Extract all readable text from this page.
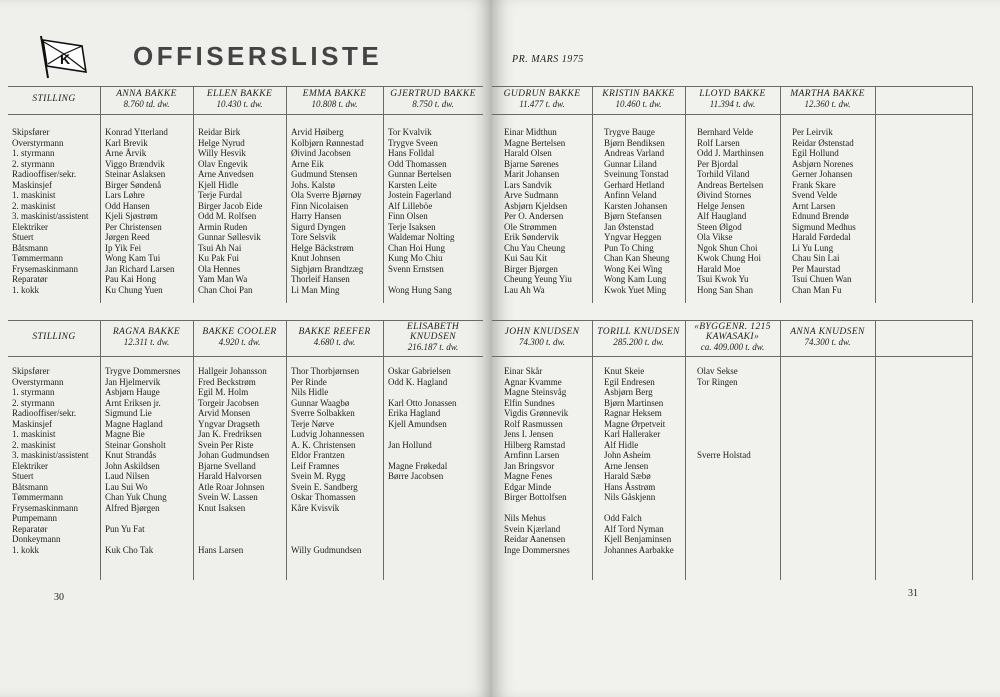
K OFFISERSLISTE
STILLING	ANNA BAKKE
8.760 td. dw.
Konrad Ytterland
Karl Brevik
Arne Årvik
Viggo Brændvik
Steinar Aslaksen
Birger Søndenå
Lars Løhre
Odd Hansen
Kjeli Sjøstrøm
Per Christensen
Jørgen Reed
Ip Yik Fei
Wong Kam Tui
Jan Richard Larsen
Pau Kai Hong
Ku Chung Yuen
ELLEN BAKKE
10.430 t. dw.
Reidar Birk
Helge Nyrud
Willy Hesvik
Olav Engevik
Arne Anvedsen
Kjell Hidle
Terje Furdal
Birger Jacob Eide
Odd M. Rolfsen
Armin Ruden
Gunnar Søllesvik
Tsui Ah Nai
Ku Pak Fui
Ola Hennes
Yam Man Wa
Chan Choi Pan
EMMA BAKKE
10.808 t. dw.
Arvid Høiberg
Kolbjørn Rønnestad
Øivind Jacobsen
Arne Eik
Gudmund Stensen
Johs. Kalstø
Ola Sverre Bjørnøy
Finn Nicolaisen
Harry Hansen
Sigurd Dyngen
Tore Selsvik
Helge Bäckstrøm
Knut Johnsen
Sigbjørn Brandtzæg
Thorleif Hansen
Li Man Ming
GJERTRUD BAKKE
8.750 t. dw.
Tor Kvalvik
Trygve Sveen
Hans Folldal
Odd Thomassen
Gunnar Bertelsen
Karsten Leite
Jostein Fagerland
Alf Lilleböe
Finn Olsen
Terje Isaksen
Waldemar Nolting
Chan Hoi Hung
Kung Mo Chiu
Svenn Ernstsen
Wong Hung Sang
Skipsfører
Overstyrmann
1. styrmann
2. styrmann
Radiooffiser/sekr.
Maskinsjef
1. maskinist
2. maskinist
3. maskinist/assistent
Elektriker
Stuert
Båtsmann
Tømmermann
Frysemaskinmann
Reparatør
1. kokk
STILLING	RAGNA BAKKE
12.311 t. dw.
Trygve Dommersnes
Jan Hjelmervik
Asbjørn Hauge
Arnt Eriksen jr.
Sigmund Lie
Magne Hagland
Magne Bie
Steinar Gonsholt
Knut Strandås
John Askildsen
Laud Nilsen
Lau Sui Wo
Chan Yuk Chung
Alfred Bjørgen
Pun Yu Fat
Kuk Cho Tak
BAKKE COOLER
4.920 t. dw.
Hallgeir Johansson
Fred Beckstrøm
Egil M. Holm
Torgeir Jacobsen
Arvid Monsen
Yngvar Dragseth
Jan K. Fredriksen
Svein Per Riste
Johan Gudmundsen
Bjarne Svelland
Harald Halvorsen
Atle Roar Johnsen
Svein W. Lassen
Knut Isaksen
Hans Larsen
BAKKE REEFER
4.680 t. dw.
Thor Thorbjørnsen
Per Rinde
Nils Hidle
Gunnar Waagbø
Sverre Solbakken
Terje Nørve
Ludvig Johannessen
A. K. Christensen
Eldor Frantzen
Leif Framnes
Svein M. Rygg
Svein E. Sandberg
Oskar Thomassen
Kåre Kvisvik
Willy Gudmundsen
ELISABETH KNUDSEN
216.187 t. dw.
Oskar Gabrielsen
Odd K. Hagland
Karl Otto Jonassen
Erika Hagland
Kjell Amundsen
Jan Hollund
Magne Frøkedal
Børre Jacobsen
Skipsfører
Overstyrmann
1. styrmann
2. styrmann
Radiooffiser/sekr.
Maskinsjef
1. maskinist
2. maskinist
3. maskinist/assistent
Elektriker
Stuert
Båtsmann
Tømmermann
Frysemaskinmann
Pumpemann
Reparatør
Donkeymann
1. kokk
30
PR. MARS 1975
GUDRUN BAKKE
11.477 t. dw.
Einar Midthun
Magne Bertelsen
Harald Olsen
Bjarne Sørenes
Marit Johansen
Lars Sandvik
Arve Sudmann
Asbjørn Kjeldsen
Per O. Andersen
Ole Strømmen
Erik Søndervik
Chu Yau Cheung
Kui Sau Kit
Birger Bjørgen
Cheung Yeung Yiu
Lau Ah Wa
KRISTIN BAKKE
10.460 t. dw.
Trygve Bauge
Bjørn Bendiksen
Andreas Varland
Gunnar Liland
Sveinung Tonstad
Gerhard Hetland
Anfinn Veland
Karsten Johansen
Bjørn Stefansen
Jan Østenstad
Yngvar Heggen
Pun To Ching
Chan Kan Sheung
Wong Kei Wing
Wong Kam Lung
Kwok Yuet Ming
LLOYD BAKKE
11.394 t. dw.
Bernhard Velde
Rolf Larsen
Odd J. Marthinsen
Per Bjordal
Torhild Viland
Andreas Bertelsen
Øivind Stornes
Helge Jensen
Alf Haugland
Steen Ølgod
Ola Vikse
Ngok Shun Choi
Kwok Chung Hoi
Harald Moe
Tsui Kwok Yu
Hong San Shan
MARTHA BAKKE
12.360 t. dw.
Per Leirvik
Reidar Østenstad
Egil Hollund
Asbjørn Norenes
Gerner Johansen
Frank Skare
Svend Velde
Arnt Larsen
Ednund Brendø
Sigmund Medhus
Harald Førdedal
Li Yu Lung
Chau Sin Lai
Per Maurstad
Tsui Chuen Wan
Chan Man Fu
JOHN KNUDSEN
74.300 t. dw.
Einar Skår
Agnar Kvamme
Magne Steinsvåg
Elfin Sundnes
Vigdis Grønnevik
Rolf Rasmussen
Jens I. Jensen
Hilberg Ramstad
Arnfinn Larsen
Jan Bringsvor
Magne Fenes
Edgar Minde
Birger Bottolfsen
Nils Mehus
Svein Kjærland
Reidar Aanensen
Inge Dommersnes
TORILL KNUDSEN
285.200 t. dw.
Knut Skeie
Egil Endresen
Asbjørn Berg
Bjørn Martinsen
Ragnar Heksem
Magne Ørpetveit
Karl Halleraker
Alf Hidle
John Asheim
Arne Jensen
Harald Sæbø
Hans Åsstrøm
Nils Gåskjenn
Odd Falch
Alf Tord Nyman
Kjell Benjaminsen
Johannes Aarbakke
«BYGGENR. 1215 KAWASAKI»
ca. 409.000 t. dw.
Olav Sekse
Tor Ringen
Sverre Holstad
ANNA KNUDSEN
74.300 t. dw.
31
